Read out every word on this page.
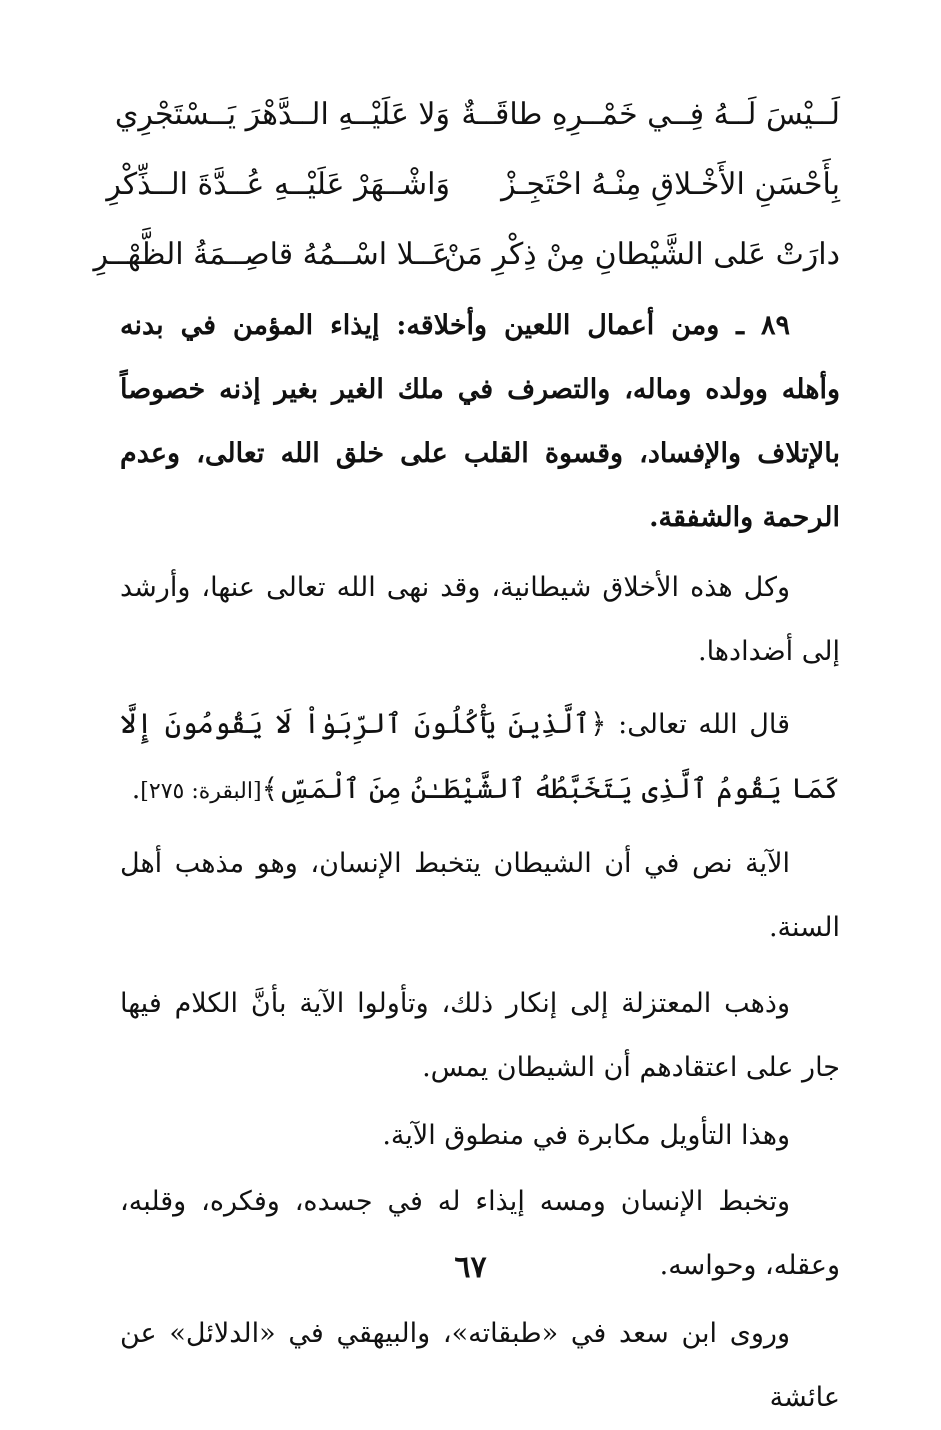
لَــيْسَ لَــهُ فِــي خَمْــرِهِ طاقَــةٌ
وَلا عَلَيْــهِ الــدَّهْرَ يَــسْتَجْرِي
بِأَحْسَنِ الأَخْـلاقِ مِنْـهُ احْتَجِـزْ
وَاشْــهَرْ عَلَيْــهِ عُــدَّةَ الــذِّكْرِ
دارَتْ عَلى الشَّيْطانِ مِنْ ذِكْرِ مَنْ
عَــلا اسْــمُهُ قاصِــمَةُ الظَّهْــرِ

٨٩ ـ ومن أعمال اللعين وأخلاقه: إيذاء المؤمن في بدنه وأهله وولده وماله، والتصرف في ملك الغير بغير إذنه خصوصاً بالإتلاف والإفساد، وقسوة القلب على خلق الله تعالى، وعدم الرحمة والشفقة.

وكل هذه الأخلاق شيطانية، وقد نهى الله تعالى عنها، وأرشد إلى أضدادها.

قال الله تعالى: ﴿ٱلَّذِينَ يَأْكُلُونَ ٱلرِّبَوٰاْ لَا يَقُومُونَ إِلَّا كَمَا يَقُومُ ٱلَّذِى يَتَخَبَّطُهُ ٱلشَّيْطَـٰنُ مِنَ ٱلْمَسِّ﴾[البقرة: ٢٧٥].

الآية نص في أن الشيطان يتخبط الإنسان، وهو مذهب أهل السنة.

وذهب المعتزلة إلى إنكار ذلك، وتأولوا الآية بأنَّ الكلام فيها جار على اعتقادهم أن الشيطان يمس.

وهذا التأويل مكابرة في منطوق الآية.

وتخبط الإنسان ومسه إيذاء له في جسده، وفكره، وقلبه، وعقله، وحواسه.

وروى ابن سعد في «طبقاته»، والبيهقي في «الدلائل» عن عائشة

٦٧
